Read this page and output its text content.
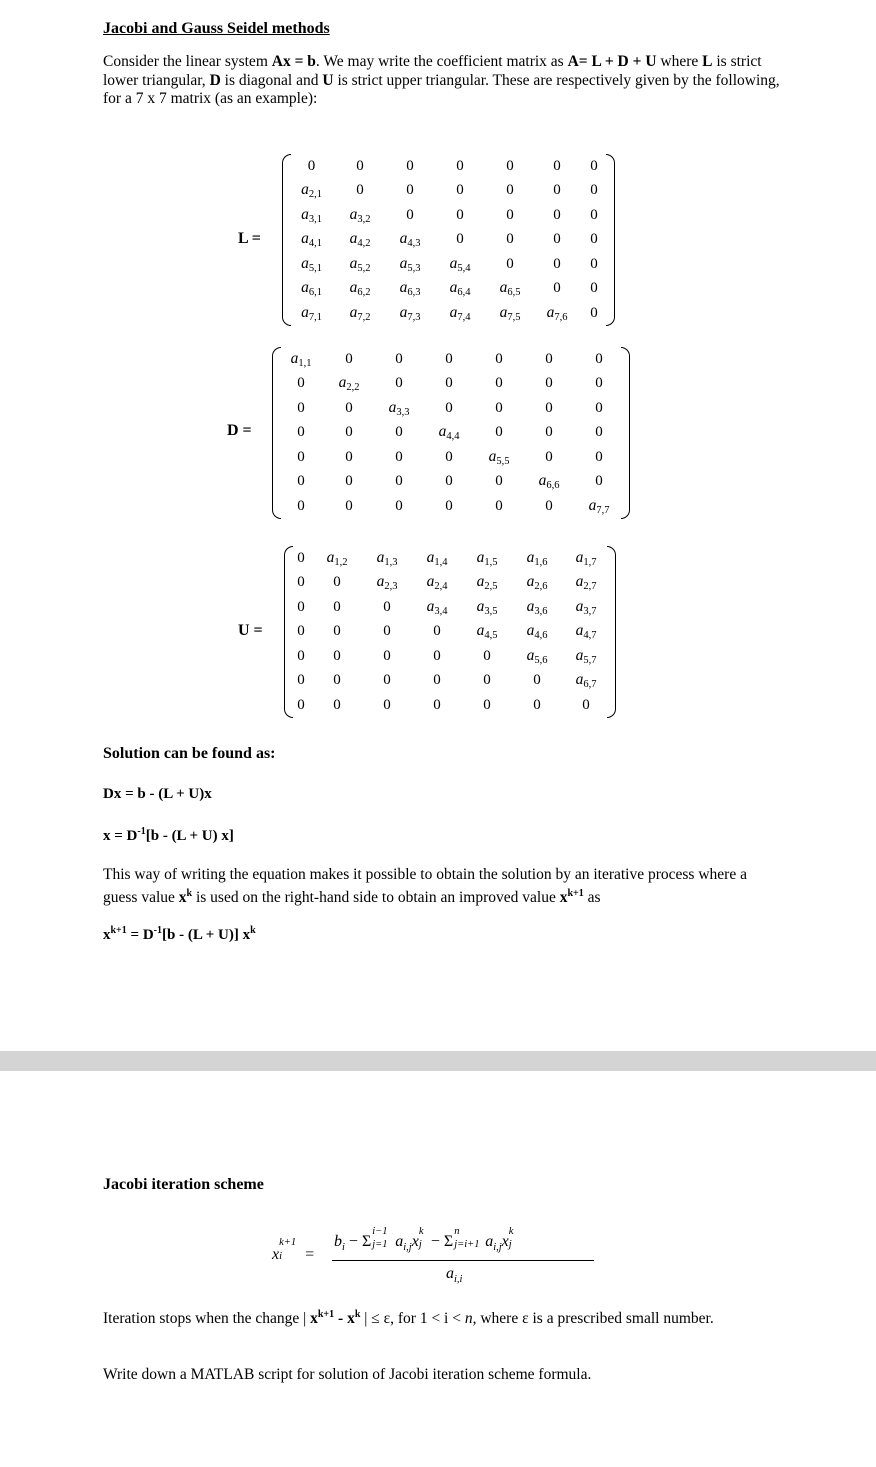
Jacobi and Gauss Seidel methods
Consider the linear system Ax = b. We may write the coefficient matrix as A= L + D + U where L is strict lower triangular, D is diagonal and U is strict upper triangular. These are respectively given by the following, for a 7 x 7 matrix (as an example):
L =
0	0	0	0	0	0	0
$a_{2,1}$	0	0	0	0	0	0
$a_{3,1}$	$a_{3,2}$	0	0	0	0	0
$a_{4,1}$	$a_{4,2}$	$a_{4,3}$	0	0	0	0
$a_{5,1}$	$a_{5,2}$	$a_{5,3}$	$a_{5,4}$	0	0	0
$a_{6,1}$	$a_{6,2}$	$a_{6,3}$	$a_{6,4}$	$a_{6,5}$	0	0
$a_{7,1}$	$a_{7,2}$	$a_{7,3}$	$a_{7,4}$	$a_{7,5}$	$a_{7,6}$	0
D =
$a_{1,1}$	0	0	0	0	0	0
0	$a_{2,2}$	0	0	0	0	0
0	0	$a_{3,3}$	0	0	0	0
0	0	0	$a_{4,4}$	0	0	0
0	0	0	0	$a_{5,5}$	0	0
0	0	0	0	0	$a_{6,6}$	0
0	0	0	0	0	0	$a_{7,7}$
U =
0	$a_{1,2}$	$a_{1,3}$	$a_{1,4}$	$a_{1,5}$	$a_{1,6}$	$a_{1,7}$
0	0	$a_{2,3}$	$a_{2,4}$	$a_{2,5}$	$a_{2,6}$	$a_{2,7}$
0	0	0	$a_{3,4}$	$a_{3,5}$	$a_{3,6}$	$a_{3,7}$
0	0	0	0	$a_{4,5}$	$a_{4,6}$	$a_{4,7}$
0	0	0	0	0	$a_{5,6}$	$a_{5,7}$
0	0	0	0	0	0	$a_{6,7}$
0	0	0	0	0	0	0
Solution can be found as:
Dx = b - (L + U)x
$x = D^{-1}[b - (L + U)$ x]
This way of writing the equation makes it possible to obtain the solution by an iterative process where a guess value $x^k$ is used on the right-hand side to obtain an improved value $x^{k+1}$ as
$x^{k+1} = D^{-1}[b - (L + U)]$ $x^k$
Jacobi iteration scheme
x
k+1
i =
$b_i - \Sigma$
i−1
j=1 $a_{i,j}x$
k
j − Σ
n
j=i+1 $a_{i,j}x$
k
j
$a_{i,i}$
Iteration stops when the change | $x^{k+1} - x^k$ | ≤ ε, for 1 < i < n, where ε is a prescribed small number.
Write down a MATLAB script for solution of Jacobi iteration scheme formula.
